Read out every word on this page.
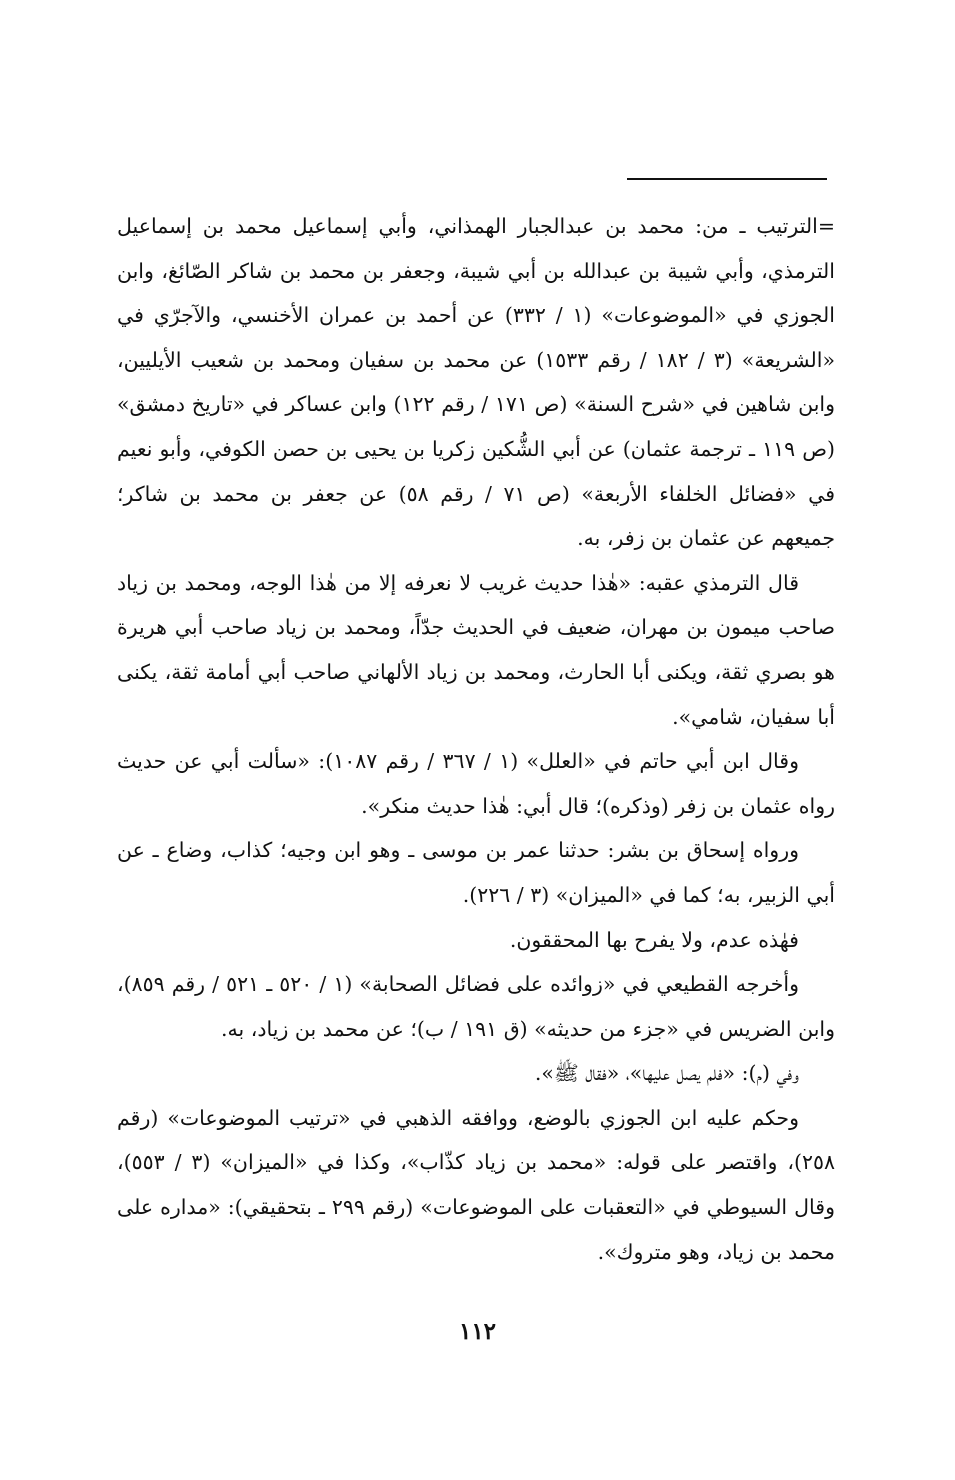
=الترتيب ـ من: محمد بن عبدالجبار الهمذاني، وأبي إسماعيل محمد بن إسماعيل الترمذي، وأبي شيبة بن عبدالله بن أبي شيبة، وجعفر بن محمد بن شاكر الصّائغ، وابن الجوزي في «الموضوعات» (١ / ٣٣٢) عن أحمد بن عمران الأخنسي، والآجرّي في «الشريعة» (٣ / ١٨٢ / رقم ١٥٣٣) عن محمد بن سفيان ومحمد بن شعيب الأيليين، وابن شاهين في «شرح السنة» (ص ١٧١ / رقم ١٢٢) وابن عساكر في «تاريخ دمشق» (ص ١١٩ ـ ترجمة عثمان) عن أبي الشُّكين زكريا بن يحيى بن حصن الكوفي، وأبو نعيم في «فضائل الخلفاء الأربعة» (ص ٧١ / رقم ٥٨) عن جعفر بن محمد بن شاكر؛ جميعهم عن عثمان بن زفر، به.

قال الترمذي عقبه: «هٰذا حديث غريب لا نعرفه إلا من هٰذا الوجه، ومحمد بن زياد صاحب ميمون بن مهران، ضعيف في الحديث جدّاً، ومحمد بن زياد صاحب أبي هريرة هو بصري ثقة، ويكنى أبا الحارث، ومحمد بن زياد الألهاني صاحب أبي أمامة ثقة، يكنى أبا سفيان، شامي».

وقال ابن أبي حاتم في «العلل» (١ / ٣٦٧ / رقم ١٠٨٧): «سألت أبي عن حديث رواه عثمان بن زفر (وذكره)؛ قال أبي: هٰذا حديث منكر».

ورواه إسحاق بن بشر: حدثنا عمر بن موسى ـ وهو ابن وجيه؛ كذاب، وضاع ـ عن أبي الزبير، به؛ كما في «الميزان» (٣ / ٢٢٦).

فهٰذه عدم، ولا يفرح بها المحققون.

وأخرجه القطيعي في «زوائده على فضائل الصحابة» (١ / ٥٢٠ ـ ٥٢١ / رقم ٨٥٩)، وابن الضريس في «جزء من حديثه» (ق ١٩١ / ب)؛ عن محمد بن زياد، به.

وفي (م): «فلم يصل عليها»، «فقال ﷺ».

وحكم عليه ابن الجوزي بالوضع، ووافقه الذهبي في «ترتيب الموضوعات» (رقم ٢٥٨)، واقتصر على قوله: «محمد بن زياد كذّاب»، وكذا في «الميزان» (٣ / ٥٥٣)، وقال السيوطي في «التعقبات على الموضوعات» (رقم ٢٩٩ ـ بتحقيقي): «مداره على محمد بن زياد، وهو متروك».

١١٢
